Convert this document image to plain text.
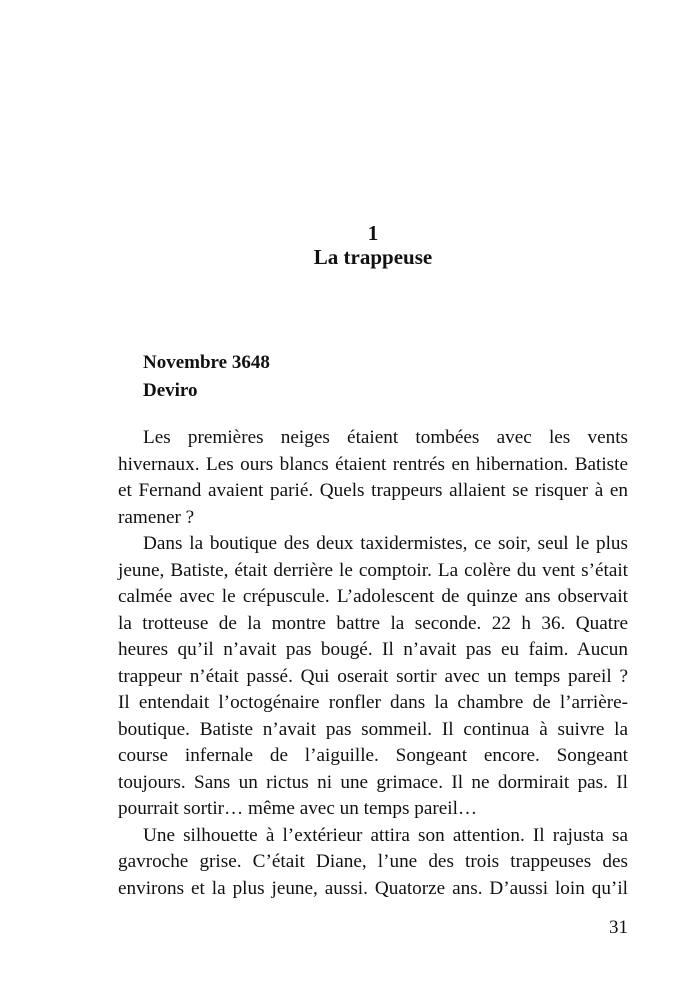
1
La trappeuse
Novembre 3648
Deviro
Les premières neiges étaient tombées avec les vents
hivernaux. Les ours blancs étaient rentrés en hibernation. Batiste
et Fernand avaient parié. Quels trappeurs allaient se risquer à en
ramener ?
Dans la boutique des deux taxidermistes, ce soir, seul le plus
jeune, Batiste, était derrière le comptoir. La colère du vent s’était
calmée avec le crépuscule. L’adolescent de quinze ans observait
la trotteuse de la montre battre la seconde. 22 h 36. Quatre
heures qu’il n’avait pas bougé. Il n’avait pas eu faim. Aucun
trappeur n’était passé. Qui oserait sortir avec un temps pareil ?
Il entendait l’octogénaire ronfler dans la chambre de l’arrière-
boutique. Batiste n’avait pas sommeil. Il continua à suivre la
course infernale de l’aiguille. Songeant encore. Songeant
toujours. Sans un rictus ni une grimace. Il ne dormirait pas. Il
pourrait sortir… même avec un temps pareil…
Une silhouette à l’extérieur attira son attention. Il rajusta sa
gavroche grise. C’était Diane, l’une des trois trappeuses des
environs et la plus jeune, aussi. Quatorze ans. D’aussi loin qu’il
31
